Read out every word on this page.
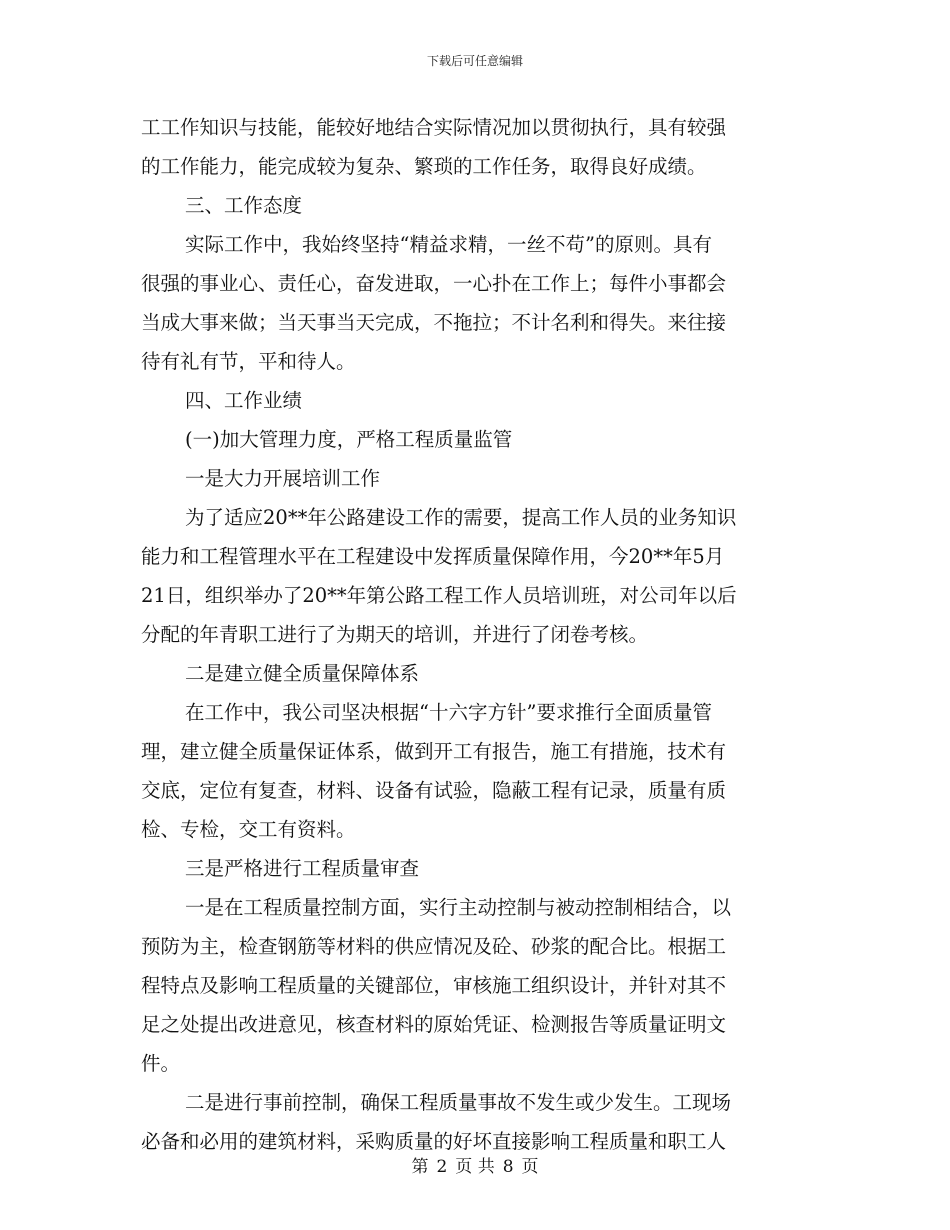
下载后可任意编辑
工工作知识与技能，能较好地结合实际情况加以贯彻执行，具有较强
的工作能力，能完成较为复杂、繁琐的工作任务，取得良好成绩。
三、工作态度
实际工作中，我始终坚持“精益求精，一丝不苟”的原则。具有
很强的事业心、责任心，奋发进取，一心扑在工作上；每件小事都会
当成大事来做；当天事当天完成，不拖拉；不计名利和得失。来往接
待有礼有节，平和待人。
四、工作业绩
(一)加大管理力度，严格工程质量监管
一是大力开展培训工作
为了适应20**年公路建设工作的需要，提高工作人员的业务知识
能力和工程管理水平在工程建设中发挥质量保障作用，今20**年5月
21日，组织举办了20**年第公路工程工作人员培训班，对公司年以后
分配的年青职工进行了为期天的培训，并进行了闭卷考核。
二是建立健全质量保障体系
在工作中，我公司坚决根据“十六字方针”要求推行全面质量管
理，建立健全质量保证体系，做到开工有报告，施工有措施，技术有
交底，定位有复查，材料、设备有试验，隐蔽工程有记录，质量有质
检、专检，交工有资料。
三是严格进行工程质量审查
一是在工程质量控制方面，实行主动控制与被动控制相结合，以
预防为主，检查钢筋等材料的供应情况及砼、砂浆的配合比。根据工
程特点及影响工程质量的关键部位，审核施工组织设计，并针对其不
足之处提出改进意见，核查材料的原始凭证、检测报告等质量证明文
件。
二是进行事前控制，确保工程质量事故不发生或少发生。工现场
必备和必用的建筑材料，采购质量的好坏直接影响工程质量和职工人
第 2 页 共 8 页
